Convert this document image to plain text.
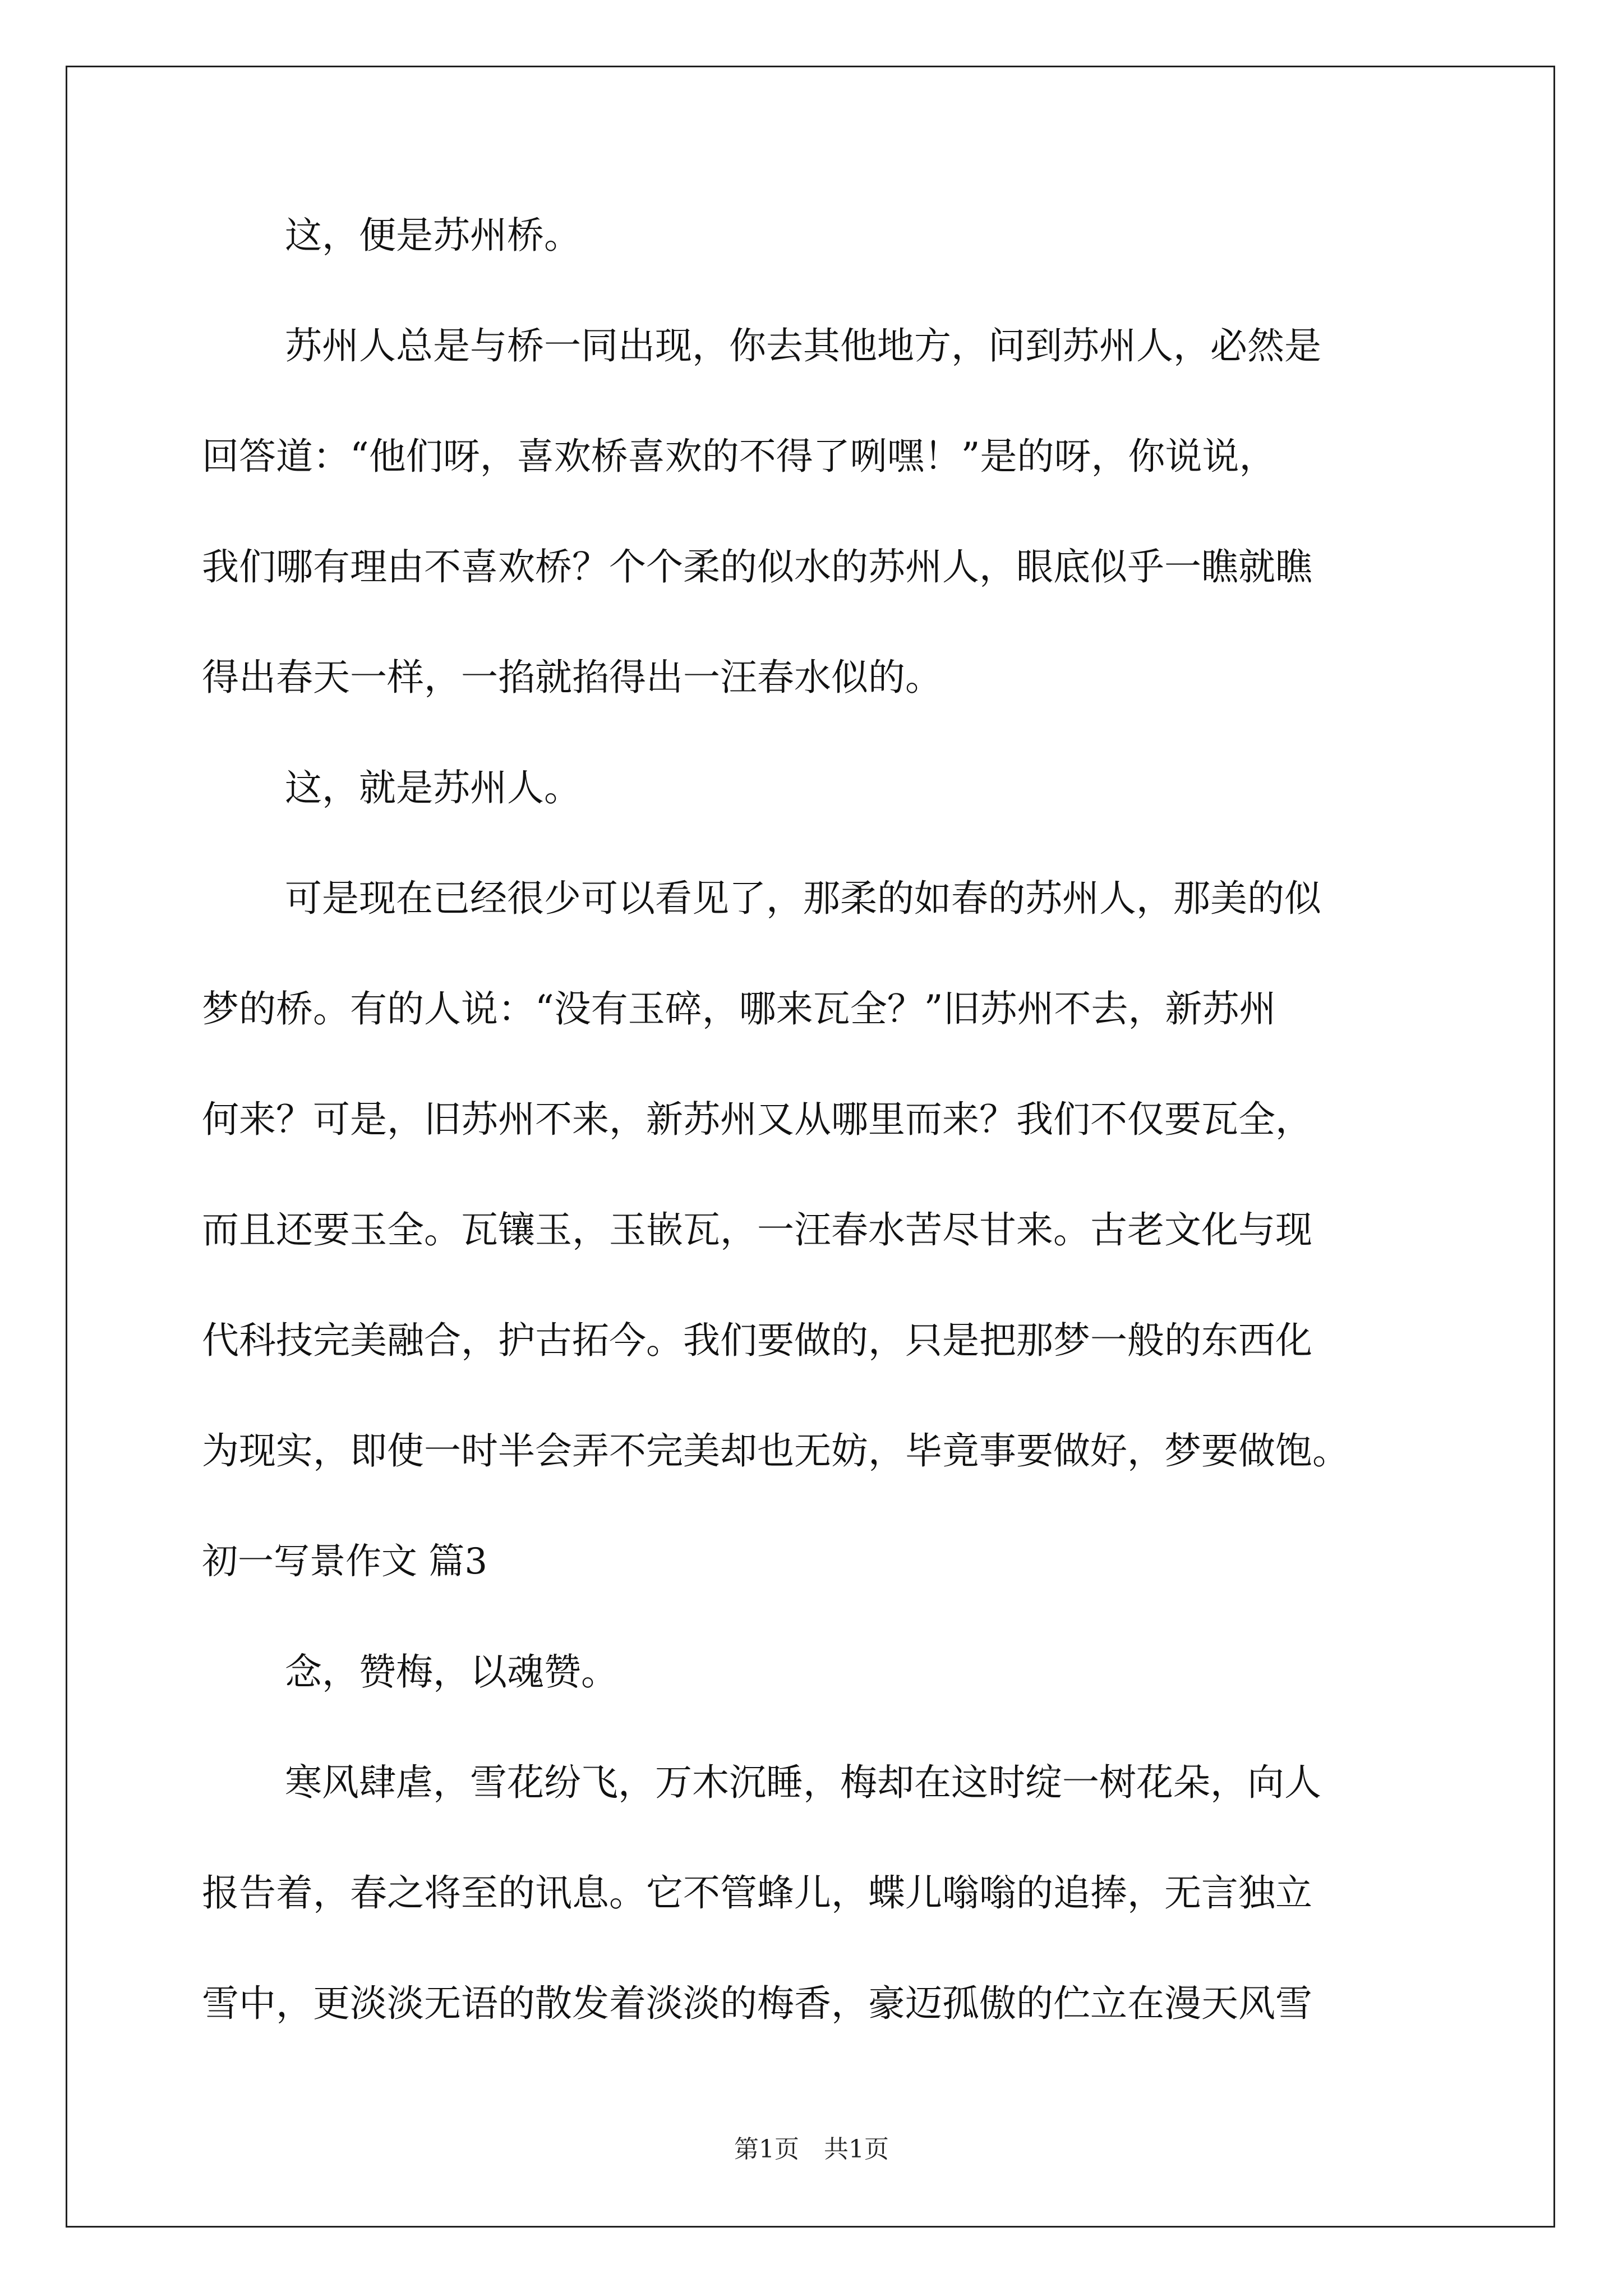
这，便是苏州桥。
苏州人总是与桥一同出现，你去其他地方，问到苏州人，必然是
回答道：“他们呀，喜欢桥喜欢的不得了咧嘿！”是的呀，你说说，
我们哪有理由不喜欢桥？个个柔的似水的苏州人，眼底似乎一瞧就瞧
得出春天一样，一掐就掐得出一汪春水似的。
这，就是苏州人。
可是现在已经很少可以看见了，那柔的如春的苏州人，那美的似
梦的桥。有的人说：“没有玉碎，哪来瓦全？”旧苏州不去，新苏州
何来？可是，旧苏州不来，新苏州又从哪里而来？我们不仅要瓦全，
而且还要玉全。瓦镶玉，玉嵌瓦，一汪春水苦尽甘来。古老文化与现
代科技完美融合，护古拓今。我们要做的，只是把那梦一般的东西化
为现实，即使一时半会弄不完美却也无妨，毕竟事要做好，梦要做饱。
初一写景作文 篇3
念，赞梅，以魂赞。
寒风肆虐，雪花纷飞，万木沉睡，梅却在这时绽一树花朵，向人
报告着，春之将至的讯息。它不管蜂儿，蝶儿嗡嗡的追捧，无言独立
雪中，更淡淡无语的散发着淡淡的梅香，豪迈孤傲的伫立在漫天风雪
第1页　共1页
